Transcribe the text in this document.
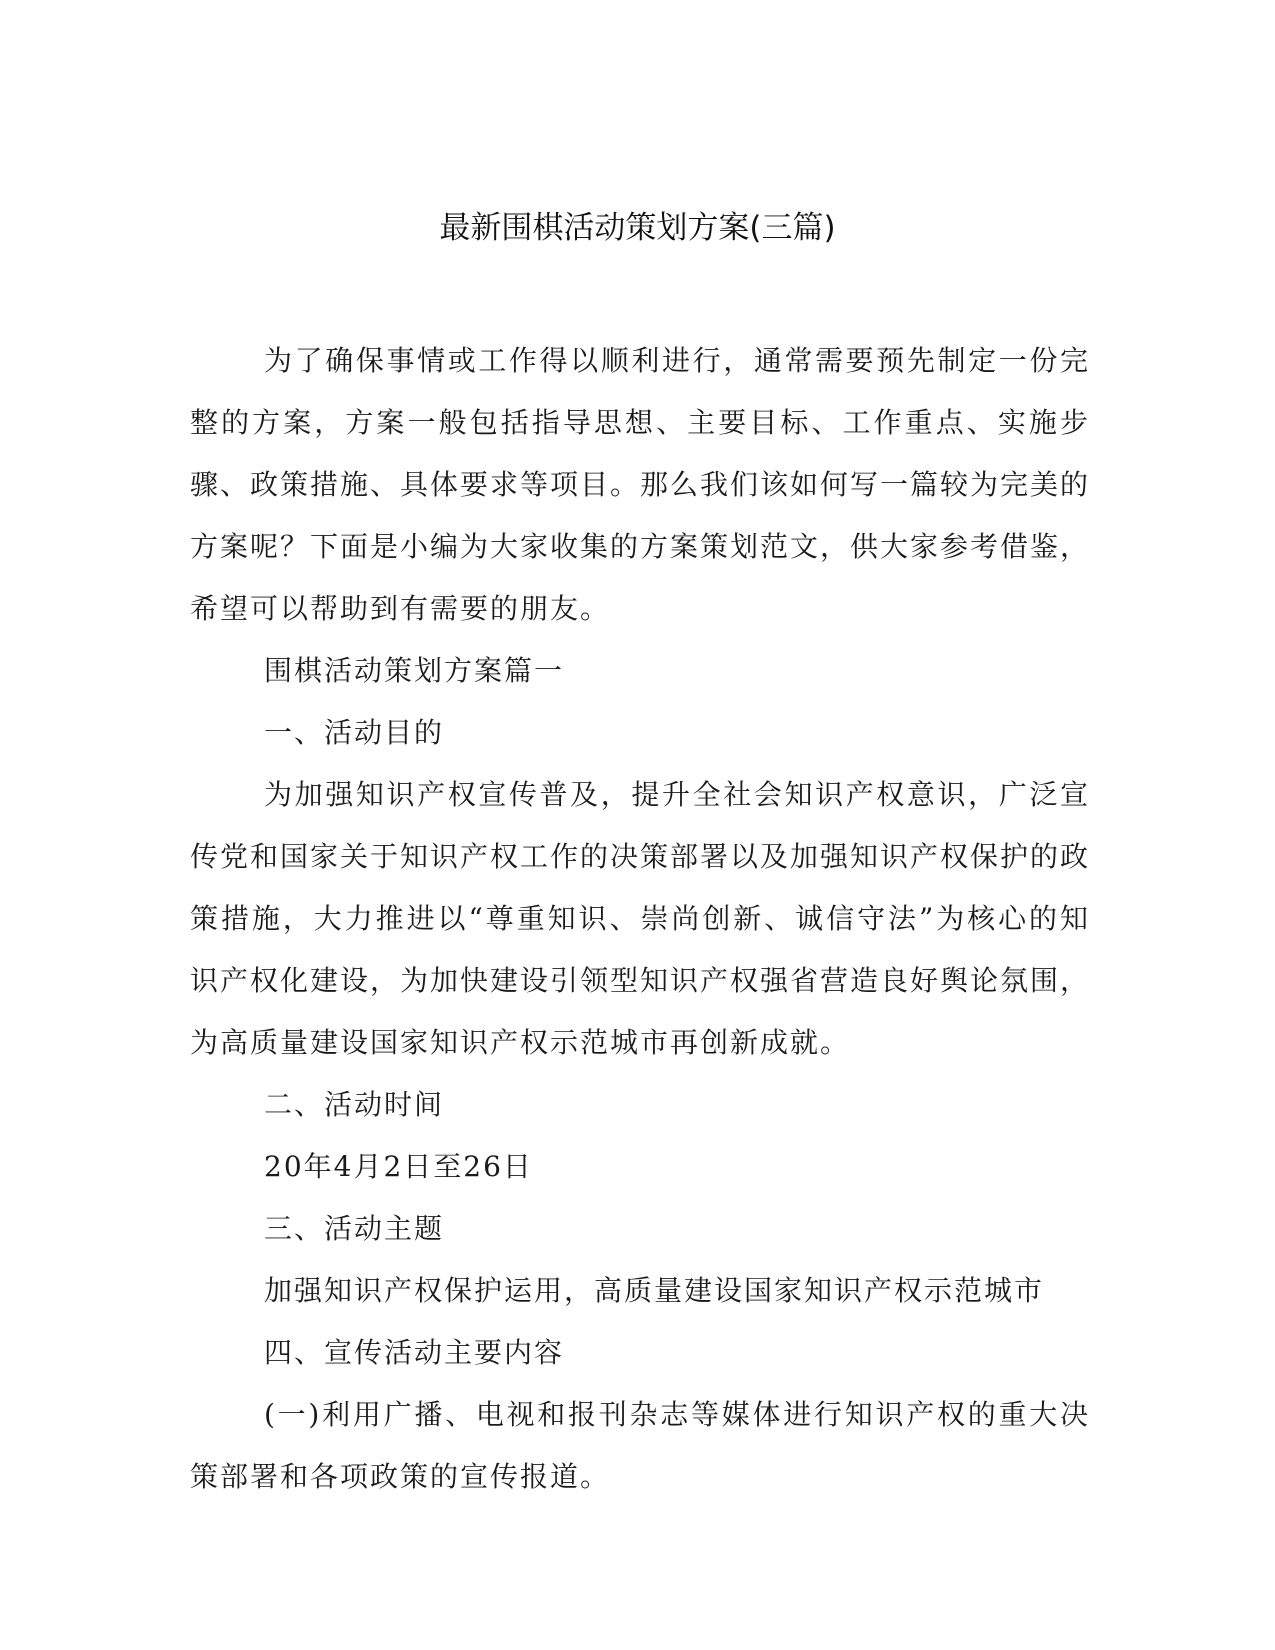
最新围棋活动策划方案(三篇)

为了确保事情或工作得以顺利进行，通常需要预先制定一份完整的方案，方案一般包括指导思想、主要目标、工作重点、实施步骤、政策措施、具体要求等项目。那么我们该如何写一篇较为完美的方案呢？下面是小编为大家收集的方案策划范文，供大家参考借鉴，希望可以帮助到有需要的朋友。

围棋活动策划方案篇一

一、活动目的

为加强知识产权宣传普及，提升全社会知识产权意识，广泛宣传党和国家关于知识产权工作的决策部署以及加强知识产权保护的政策措施，大力推进以“尊重知识、崇尚创新、诚信守法”为核心的知识产权化建设，为加快建设引领型知识产权强省营造良好舆论氛围，为高质量建设国家知识产权示范城市再创新成就。

二、活动时间

20年4月2日至26日

三、活动主题

加强知识产权保护运用，高质量建设国家知识产权示范城市

四、宣传活动主要内容

(一)利用广播、电视和报刊杂志等媒体进行知识产权的重大决策部署和各项政策的宣传报道。
